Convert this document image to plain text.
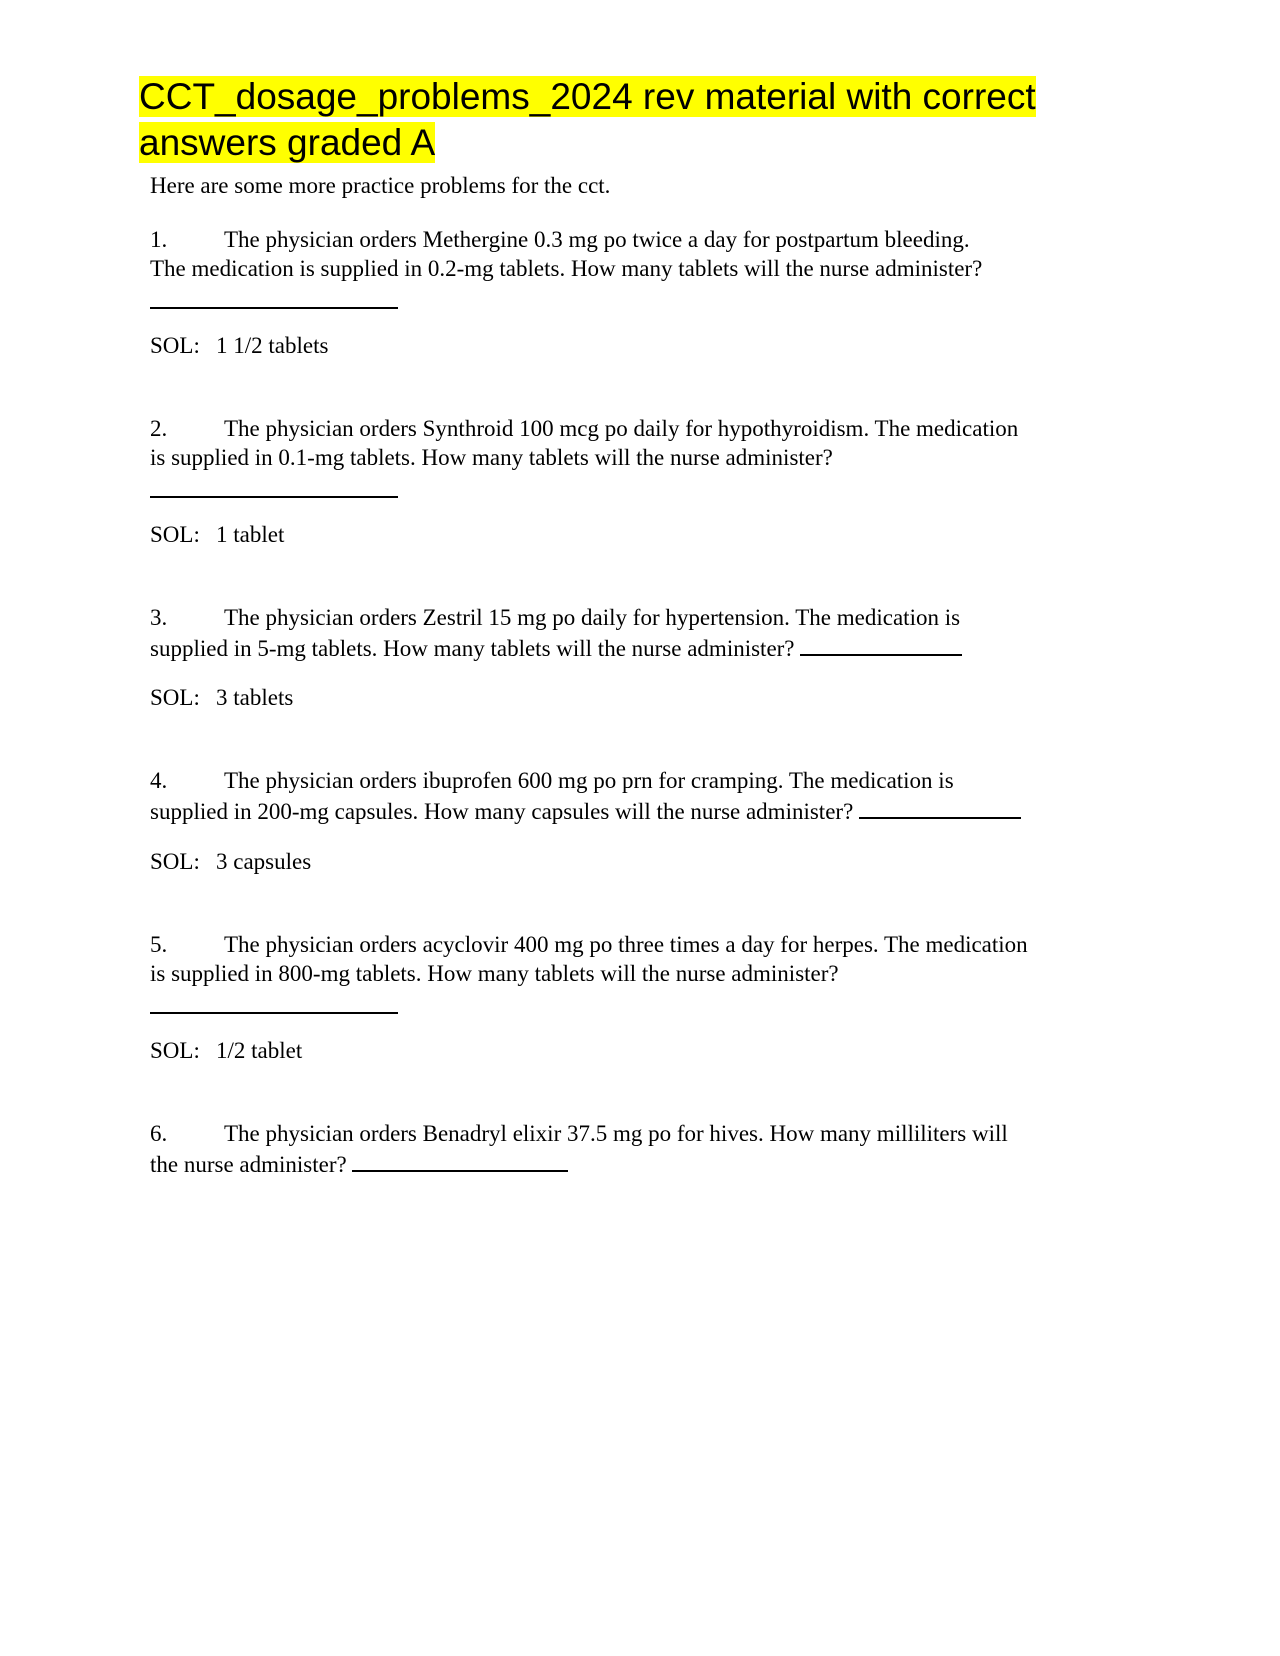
CCT_dosage_problems_2024 rev material with correct
answers graded A

Here are some more practice problems for the cct.

1. The physician orders Methergine 0.3 mg po twice a day for postpartum bleeding.
The medication is supplied in 0.2-mg tablets. How many tablets will the nurse administer?
SOL: 1 1/2 tablets
2. The physician orders Synthroid 100 mcg po daily for hypothyroidism. The medication
is supplied in 0.1-mg tablets. How many tablets will the nurse administer?
SOL: 1 tablet
3. The physician orders Zestril 15 mg po daily for hypertension. The medication is
supplied in 5-mg tablets. How many tablets will the nurse administer?
SOL: 3 tablets
4. The physician orders ibuprofen 600 mg po prn for cramping. The medication is
supplied in 200-mg capsules. How many capsules will the nurse administer?
SOL: 3 capsules
5. The physician orders acyclovir 400 mg po three times a day for herpes. The medication
is supplied in 800-mg tablets. How many tablets will the nurse administer?
SOL: 1/2 tablet
6. The physician orders Benadryl elixir 37.5 mg po for hives. How many milliliters will
the nurse administer?
